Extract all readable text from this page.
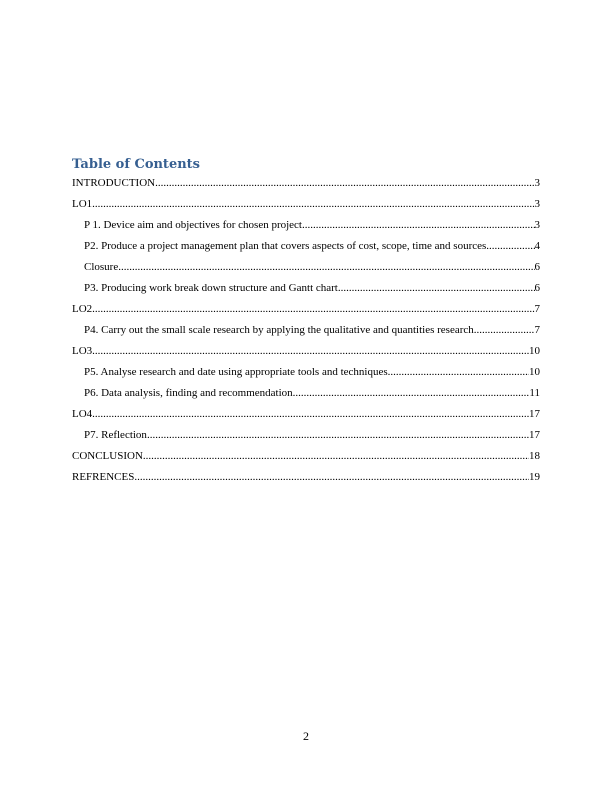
Table of Contents
INTRODUCTION .....	3
LO1 .....	3
P 1. Device aim and objectives for chosen project .....	3
P2. Produce a project management plan that covers aspects of cost, scope, time and sources .....	4
Closure .....	6
P3. Producing work break down structure and Gantt chart .....	6
LO2 .....	7
P4. Carry out the small scale research by applying the qualitative and quantities research .....	7
LO3 .....	10
P5. Analyse research and date using appropriate tools and techniques .....	10
P6. Data analysis, finding and recommendation .....	11
LO4 .....	17
P7. Reflection .....	17
CONCLUSION .....	18
REFRENCES .....	19
2
